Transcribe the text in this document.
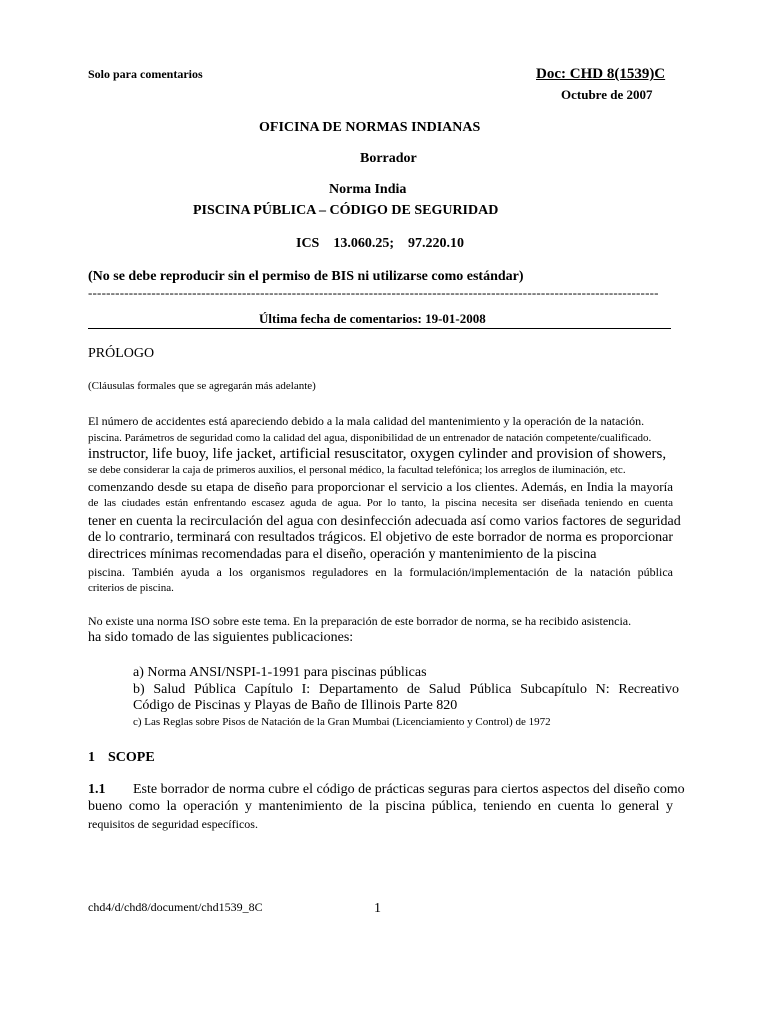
Solo para comentarios	Doc: CHD 8(1539)C
Octubre de 2007
OFICINA DE NORMAS INDIANAS
Borrador
Norma India
PISCINA PÚBLICA – CÓDIGO DE SEGURIDAD
ICS    13.060.25;    97.220.10
(No se debe reproducir sin el permiso de BIS ni utilizarse como estándar)
------------------------------------------------------------------------------------------------------------------------------
Última fecha de comentarios: 19-01-2008
PRÓLOGO
(Cláusulas formales que se agregarán más adelante)
El número de accidentes está apareciendo debido a la mala calidad del mantenimiento y la operación de la natación.
piscina. Parámetros de seguridad como la calidad del agua, disponibilidad de un entrenador de natación competente/cualificado.
instructor, life buoy, life jacket, artificial resuscitator, oxygen cylinder and provision of showers,
se debe considerar la caja de primeros auxilios, el personal médico, la facultad telefónica; los arreglos de iluminación, etc.
comenzando desde su etapa de diseño para proporcionar el servicio a los clientes. Además, en India la mayoría
de las ciudades están enfrentando escasez aguda de agua. Por lo tanto, la piscina necesita ser diseñada teniendo en cuenta
tener en cuenta la recirculación del agua con desinfección adecuada así como varios factores de seguridad
de lo contrario, terminará con resultados trágicos. El objetivo de este borrador de norma es proporcionar
directrices mínimas recomendadas para el diseño, operación y mantenimiento de la piscina
piscina. También ayuda a los organismos reguladores en la formulación/implementación de la natación pública
criterios de piscina.
No existe una norma ISO sobre este tema. En la preparación de este borrador de norma, se ha recibido asistencia.
ha sido tomado de las siguientes publicaciones:
a) Norma ANSI/NSPI-1-1991 para piscinas públicas
b) Salud Pública Capítulo I: Departamento de Salud Pública Subcapítulo N: Recreativo
Código de Piscinas y Playas de Baño de Illinois Parte 820
c) Las Reglas sobre Pisos de Natación de la Gran Mumbai (Licenciamiento y Control) de 1972
1 SCOPE
1.1 Este borrador de norma cubre el código de prácticas seguras para ciertos aspectos del diseño como
bueno como la operación y mantenimiento de la piscina pública, teniendo en cuenta lo general y
requisitos de seguridad específicos.
chd4/d/chd8/document/chd1539_8C	1
